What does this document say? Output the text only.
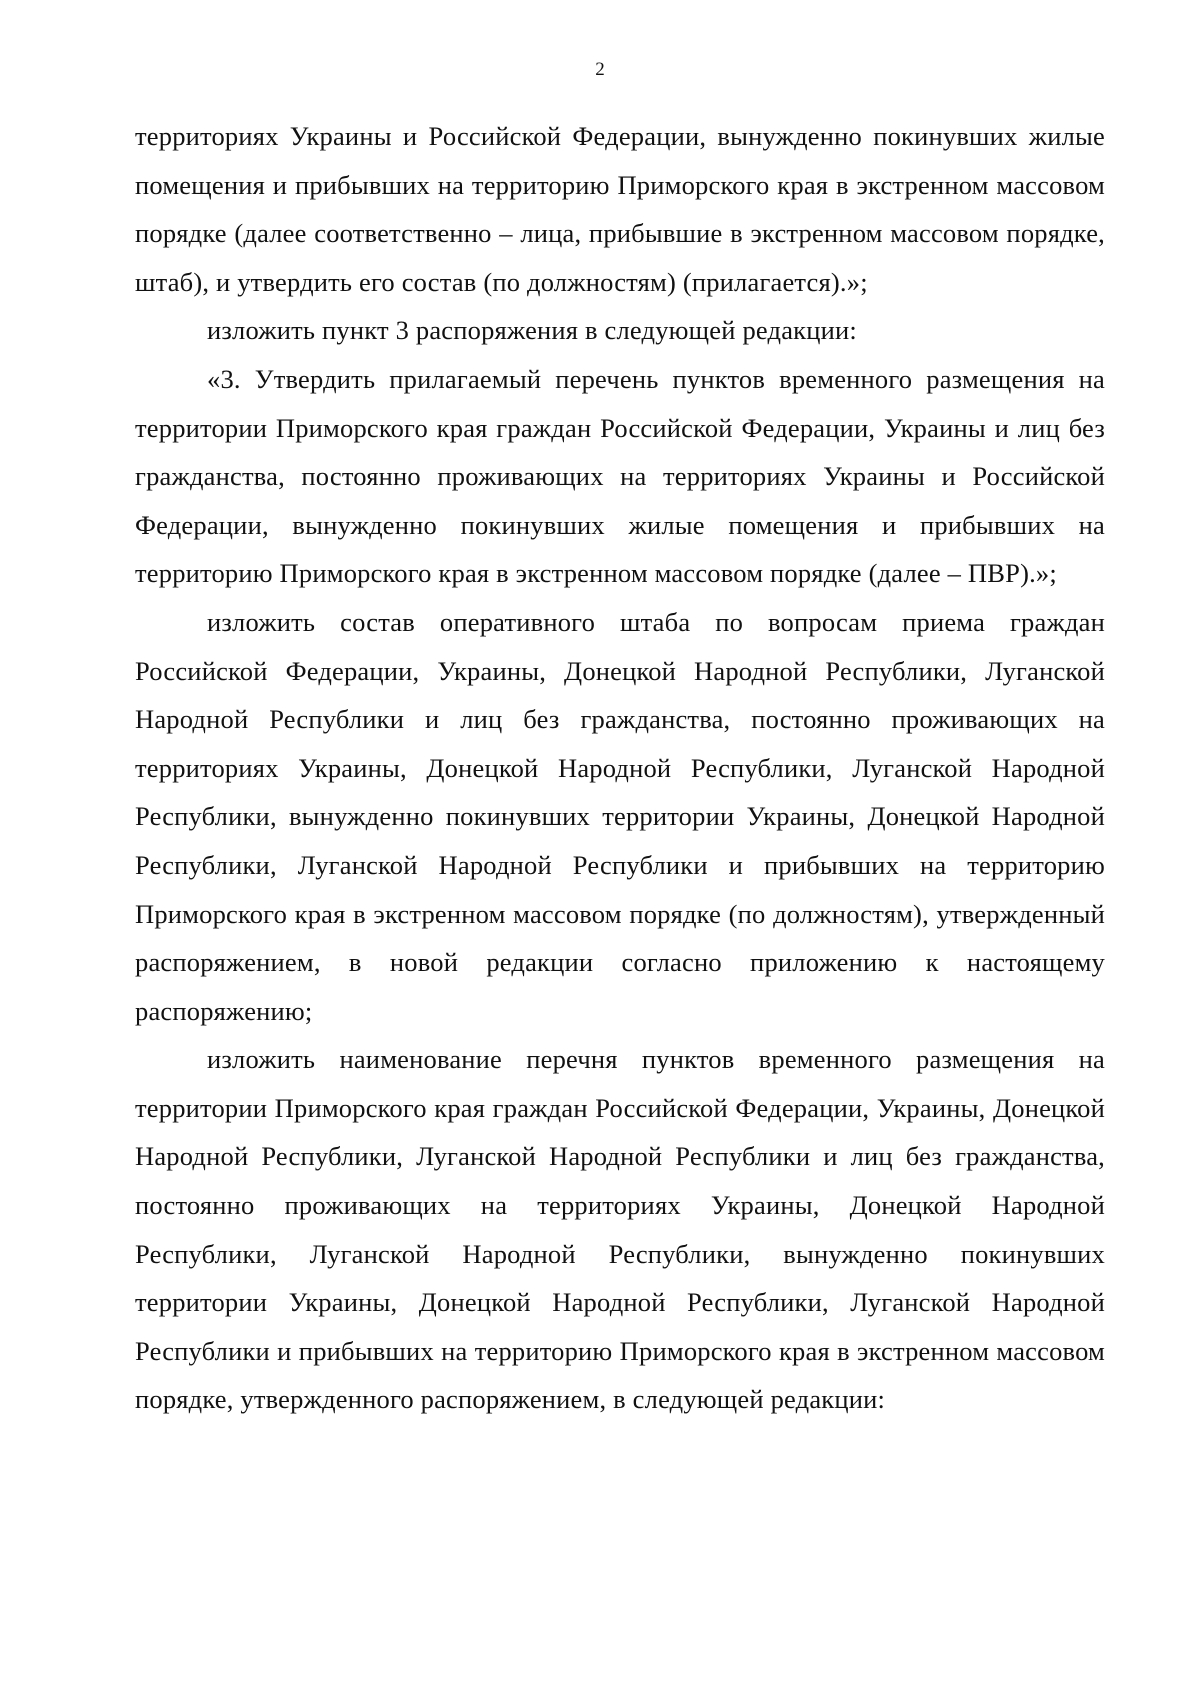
2

территориях Украины и Российской Федерации, вынужденно покинувших жилые помещения и прибывших на территорию Приморского края в экстренном массовом порядке (далее соответственно – лица, прибывшие в экстренном массовом порядке, штаб), и утвердить его состав (по должностям) (прилагается).»;

изложить пункт 3 распоряжения в следующей редакции:

«3. Утвердить прилагаемый перечень пунктов временного размещения на территории Приморского края граждан Российской Федерации, Украины и лиц без гражданства, постоянно проживающих на территориях Украины и Российской Федерации, вынужденно покинувших жилые помещения и прибывших на территорию Приморского края в экстренном массовом порядке (далее – ПВР).»;

изложить состав оперативного штаба по вопросам приема граждан Российской Федерации, Украины, Донецкой Народной Республики, Луганской Народной Республики и лиц без гражданства, постоянно проживающих на территориях Украины, Донецкой Народной Республики, Луганской Народной Республики, вынужденно покинувших территории Украины, Донецкой Народной Республики, Луганской Народной Республики и прибывших на территорию Приморского края в экстренном массовом порядке (по должностям), утвержденный распоряжением, в новой редакции согласно приложению к настоящему распоряжению;

изложить наименование перечня пунктов временного размещения на территории Приморского края граждан Российской Федерации, Украины, Донецкой Народной Республики, Луганской Народной Республики и лиц без гражданства, постоянно проживающих на территориях Украины, Донецкой Народной Республики, Луганской Народной Республики, вынужденно покинувших территории Украины, Донецкой Народной Республики, Луганской Народной Республики и прибывших на территорию Приморского края в экстренном массовом порядке, утвержденного распоряжением, в следующей редакции:
